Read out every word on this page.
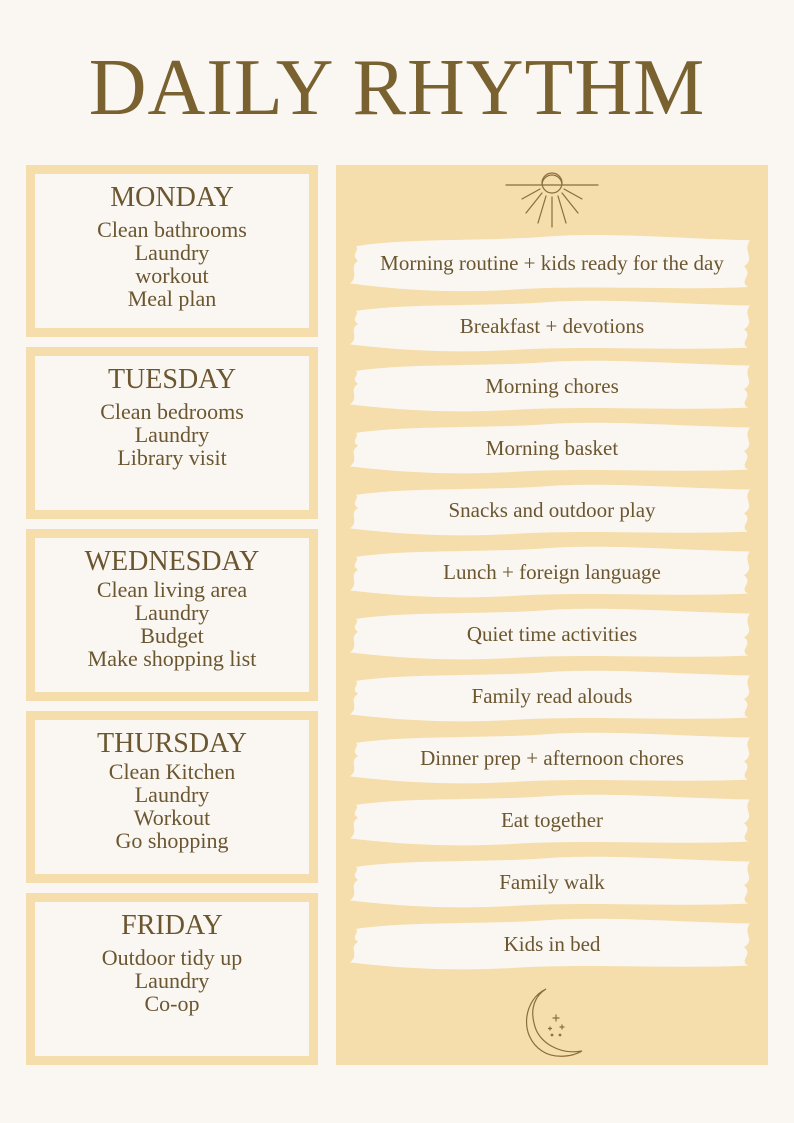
DAILY RHYTHM
MONDAY
Clean bathrooms
Laundry
workout
Meal plan
TUESDAY
Clean bedrooms
Laundry
Library visit
WEDNESDAY
Clean living area
Laundry
Budget
Make shopping list
THURSDAY
Clean Kitchen
Laundry
Workout
Go shopping
FRIDAY
Outdoor tidy up
Laundry
Co-op
Morning routine + kids ready for the day
Breakfast + devotions
Morning chores
Morning basket
Snacks and outdoor play
Lunch + foreign language
Quiet time activities
Family read alouds
Dinner prep + afternoon chores
Eat together
Family walk
Kids in bed
